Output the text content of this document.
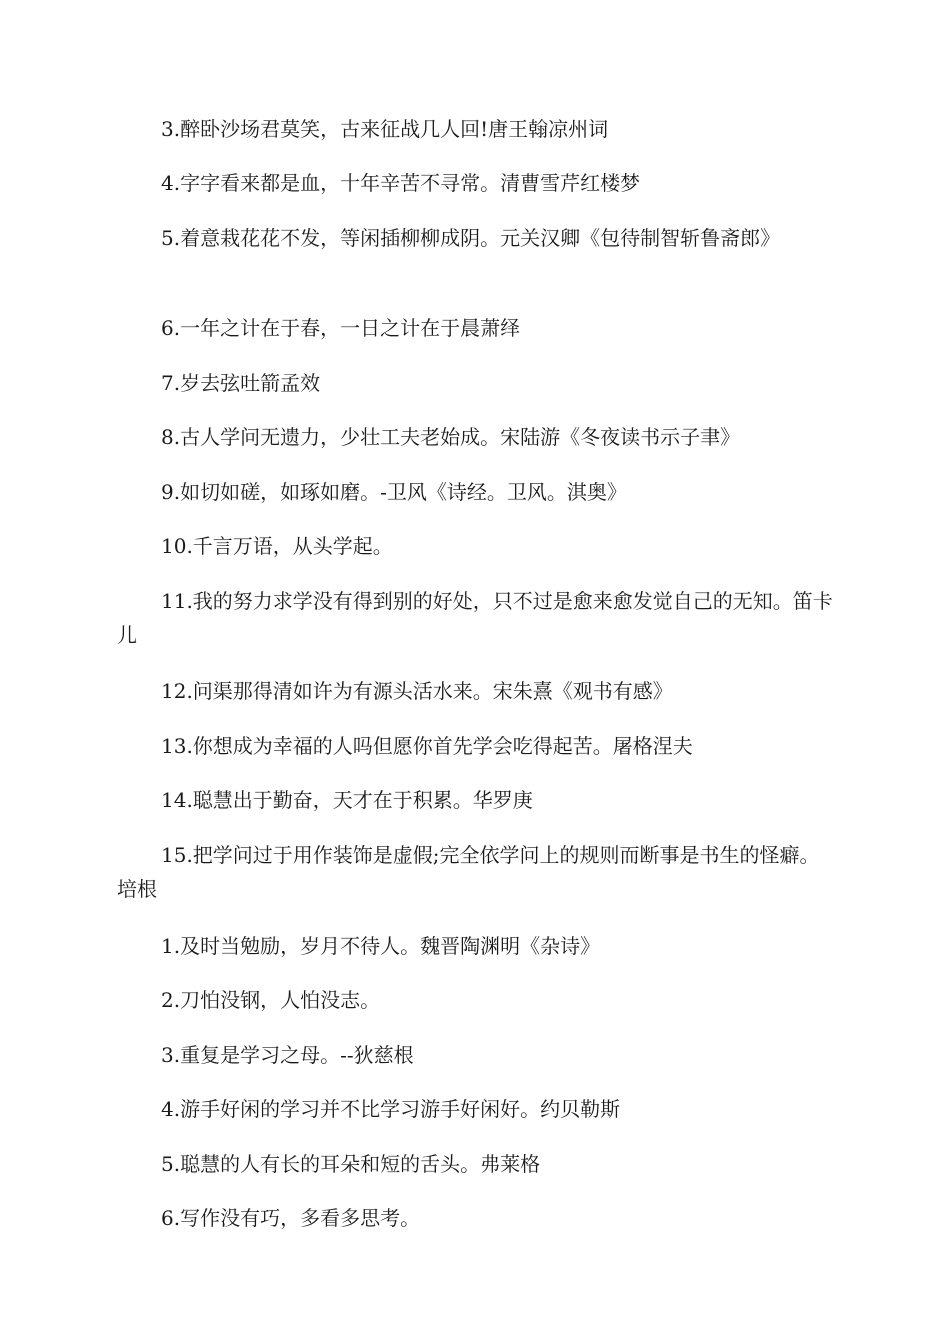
3.醉卧沙场君莫笑，古来征战几人回!唐王翰凉州词

4.字字看来都是血，十年辛苦不寻常。清曹雪芹红楼梦

5.着意栽花花不发，等闲插柳柳成阴。元关汉卿《包待制智斩鲁斋郎》

6.一年之计在于春，一日之计在于晨萧绎

7.岁去弦吐箭孟效

8.古人学问无遗力，少壮工夫老始成。宋陆游《冬夜读书示子聿》

9.如切如磋，如琢如磨。-卫风《诗经。卫风。淇奥》

10.千言万语，从头学起。

11.我的努力求学没有得到别的好处，只不过是愈来愈发觉自己的无知。笛卡儿

12.问渠那得清如许为有源头活水来。宋朱熹《观书有感》

13.你想成为幸福的人吗但愿你首先学会吃得起苦。屠格涅夫

14.聪慧出于勤奋，天才在于积累。华罗庚

15.把学问过于用作装饰是虚假;完全依学问上的规则而断事是书生的怪癖。培根

1.及时当勉励，岁月不待人。魏晋陶渊明《杂诗》

2.刀怕没钢，人怕没志。

3.重复是学习之母。--狄慈根

4.游手好闲的学习并不比学习游手好闲好。约贝勒斯

5.聪慧的人有长的耳朵和短的舌头。弗莱格

6.写作没有巧，多看多思考。
